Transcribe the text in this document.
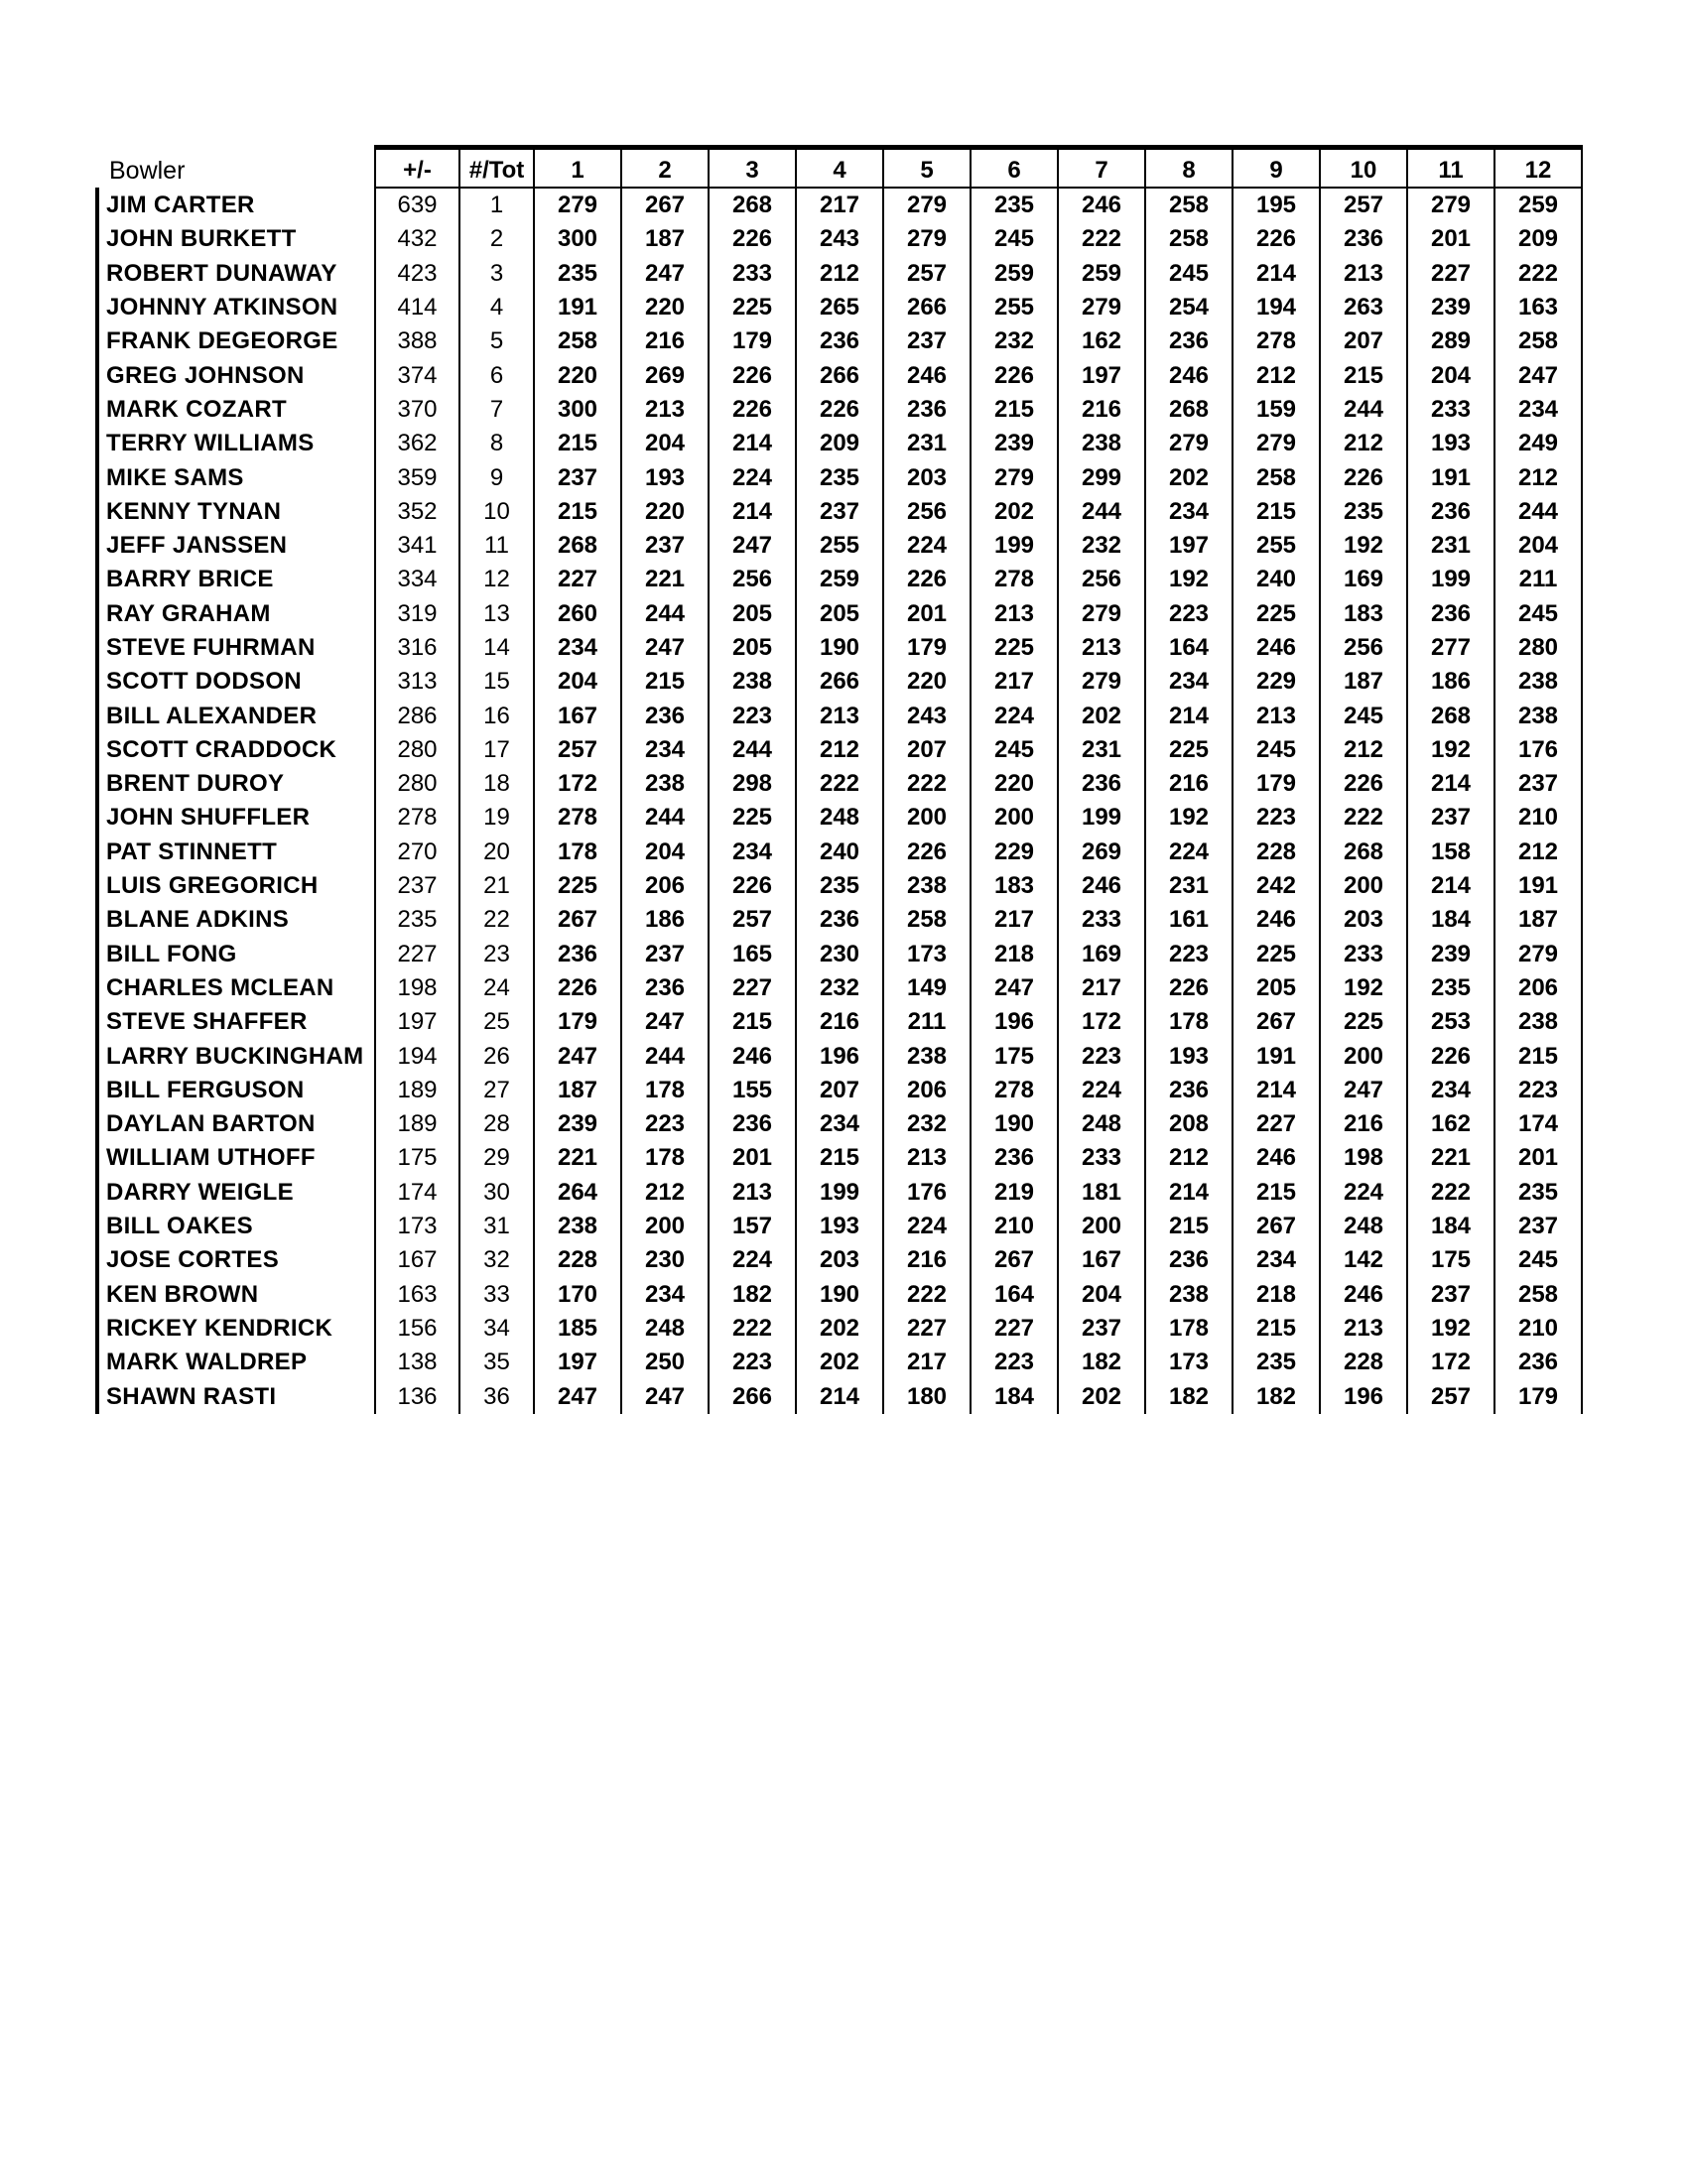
Bowler	+/-	#/Tot	1	2	3	4	5	6	7	8	9	10	11	12
JIM CARTER	639	1	279	267	268	217	279	235	246	258	195	257	279	259
JOHN BURKETT	432	2	300	187	226	243	279	245	222	258	226	236	201	209
ROBERT DUNAWAY	423	3	235	247	233	212	257	259	259	245	214	213	227	222
JOHNNY ATKINSON	414	4	191	220	225	265	266	255	279	254	194	263	239	163
FRANK DEGEORGE	388	5	258	216	179	236	237	232	162	236	278	207	289	258
GREG JOHNSON	374	6	220	269	226	266	246	226	197	246	212	215	204	247
MARK COZART	370	7	300	213	226	226	236	215	216	268	159	244	233	234
TERRY WILLIAMS	362	8	215	204	214	209	231	239	238	279	279	212	193	249
MIKE SAMS	359	9	237	193	224	235	203	279	299	202	258	226	191	212
KENNY TYNAN	352	10	215	220	214	237	256	202	244	234	215	235	236	244
JEFF JANSSEN	341	11	268	237	247	255	224	199	232	197	255	192	231	204
BARRY BRICE	334	12	227	221	256	259	226	278	256	192	240	169	199	211
RAY GRAHAM	319	13	260	244	205	205	201	213	279	223	225	183	236	245
STEVE FUHRMAN	316	14	234	247	205	190	179	225	213	164	246	256	277	280
SCOTT DODSON	313	15	204	215	238	266	220	217	279	234	229	187	186	238
BILL ALEXANDER	286	16	167	236	223	213	243	224	202	214	213	245	268	238
SCOTT CRADDOCK	280	17	257	234	244	212	207	245	231	225	245	212	192	176
BRENT DUROY	280	18	172	238	298	222	222	220	236	216	179	226	214	237
JOHN SHUFFLER	278	19	278	244	225	248	200	200	199	192	223	222	237	210
PAT STINNETT	270	20	178	204	234	240	226	229	269	224	228	268	158	212
LUIS GREGORICH	237	21	225	206	226	235	238	183	246	231	242	200	214	191
BLANE ADKINS	235	22	267	186	257	236	258	217	233	161	246	203	184	187
BILL FONG	227	23	236	237	165	230	173	218	169	223	225	233	239	279
CHARLES MCLEAN	198	24	226	236	227	232	149	247	217	226	205	192	235	206
STEVE SHAFFER	197	25	179	247	215	216	211	196	172	178	267	225	253	238
LARRY BUCKINGHAM	194	26	247	244	246	196	238	175	223	193	191	200	226	215
BILL FERGUSON	189	27	187	178	155	207	206	278	224	236	214	247	234	223
DAYLAN BARTON	189	28	239	223	236	234	232	190	248	208	227	216	162	174
WILLIAM UTHOFF	175	29	221	178	201	215	213	236	233	212	246	198	221	201
DARRY WEIGLE	174	30	264	212	213	199	176	219	181	214	215	224	222	235
BILL OAKES	173	31	238	200	157	193	224	210	200	215	267	248	184	237
JOSE CORTES	167	32	228	230	224	203	216	267	167	236	234	142	175	245
KEN BROWN	163	33	170	234	182	190	222	164	204	238	218	246	237	258
RICKEY KENDRICK	156	34	185	248	222	202	227	227	237	178	215	213	192	210
MARK WALDREP	138	35	197	250	223	202	217	223	182	173	235	228	172	236
SHAWN RASTI	136	36	247	247	266	214	180	184	202	182	182	196	257	179
